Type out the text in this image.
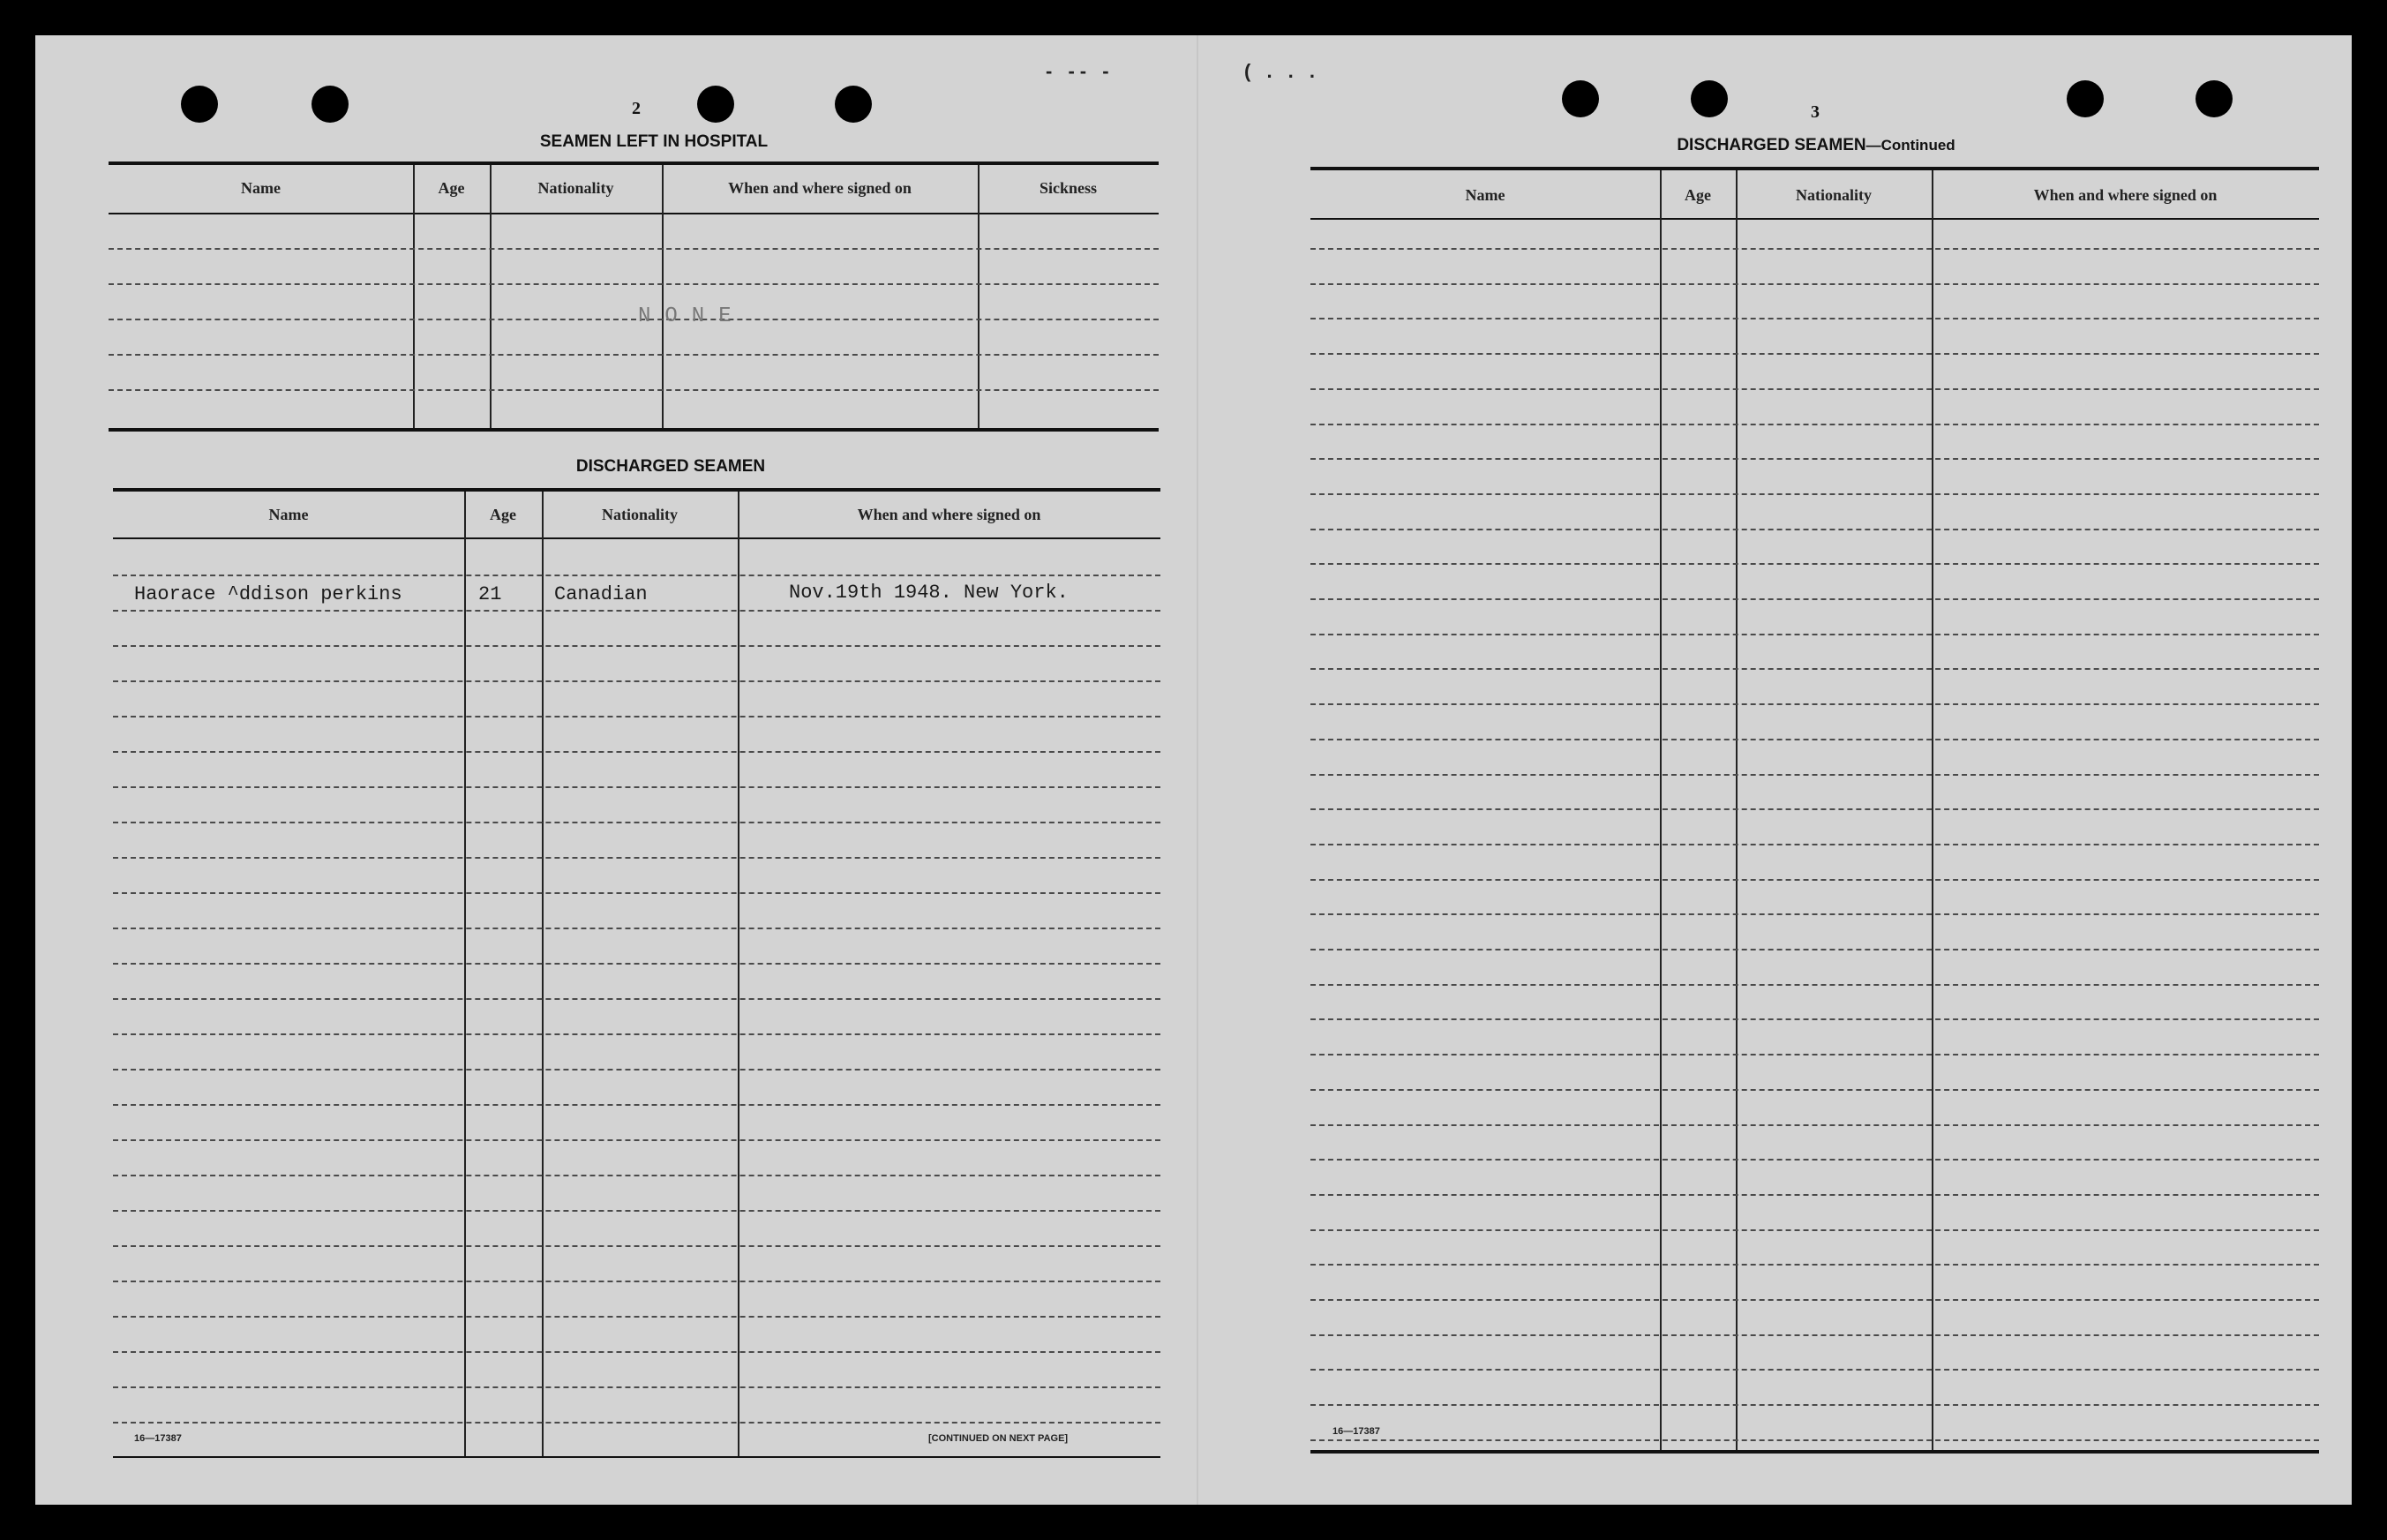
- -- -	( . . .
2
SEAMEN LEFT IN HOSPITAL
Name	Age	Nationality	When and where signed on	Sickness
NONE
DISCHARGED SEAMEN
Name	Age	Nationality	When and where signed on
Haorace ^ddison perkins	21	Canadian	Nov.19th 1948. New York.
16—17387	[CONTINUED ON NEXT PAGE]
3
DISCHARGED SEAMEN—Continued
Name	Age	Nationality	When and where signed on
16—17387
